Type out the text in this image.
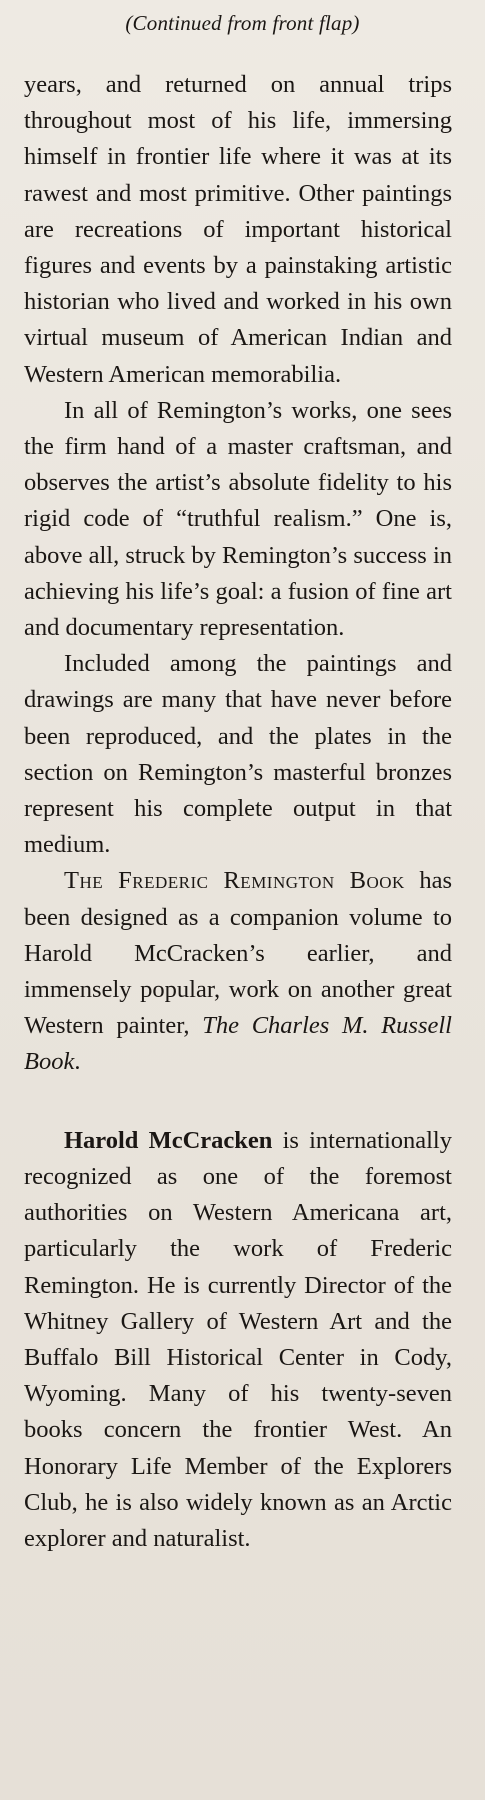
(Continued from front flap)

years, and returned on annual trips throughout most of his life, immersing himself in frontier life where it was at its rawest and most primitive. Other paintings are recreations of important historical figures and events by a painstaking artistic historian who lived and worked in his own virtual museum of American Indian and Western American memorabilia.

In all of Remington’s works, one sees the firm hand of a master craftsman, and observes the artist’s absolute fidelity to his rigid code of “truthful realism.” One is, above all, struck by Remington’s success in achieving his life’s goal: a fusion of fine art and documentary representation.

Included among the paintings and drawings are many that have never before been reproduced, and the plates in the section on Remington’s masterful bronzes represent his complete output in that medium.

The Frederic Remington Book has been designed as a companion volume to Harold McCracken’s earlier, and immensely popular, work on another great Western painter, The Charles M. Russell Book.

Harold McCracken is internationally recognized as one of the foremost authorities on Western Americana art, particularly the work of Frederic Remington. He is currently Director of the Whitney Gallery of Western Art and the Buffalo Bill Historical Center in Cody, Wyoming. Many of his twenty-seven books concern the frontier West. An Honorary Life Member of the Explorers Club, he is also widely known as an Arctic explorer and naturalist.
